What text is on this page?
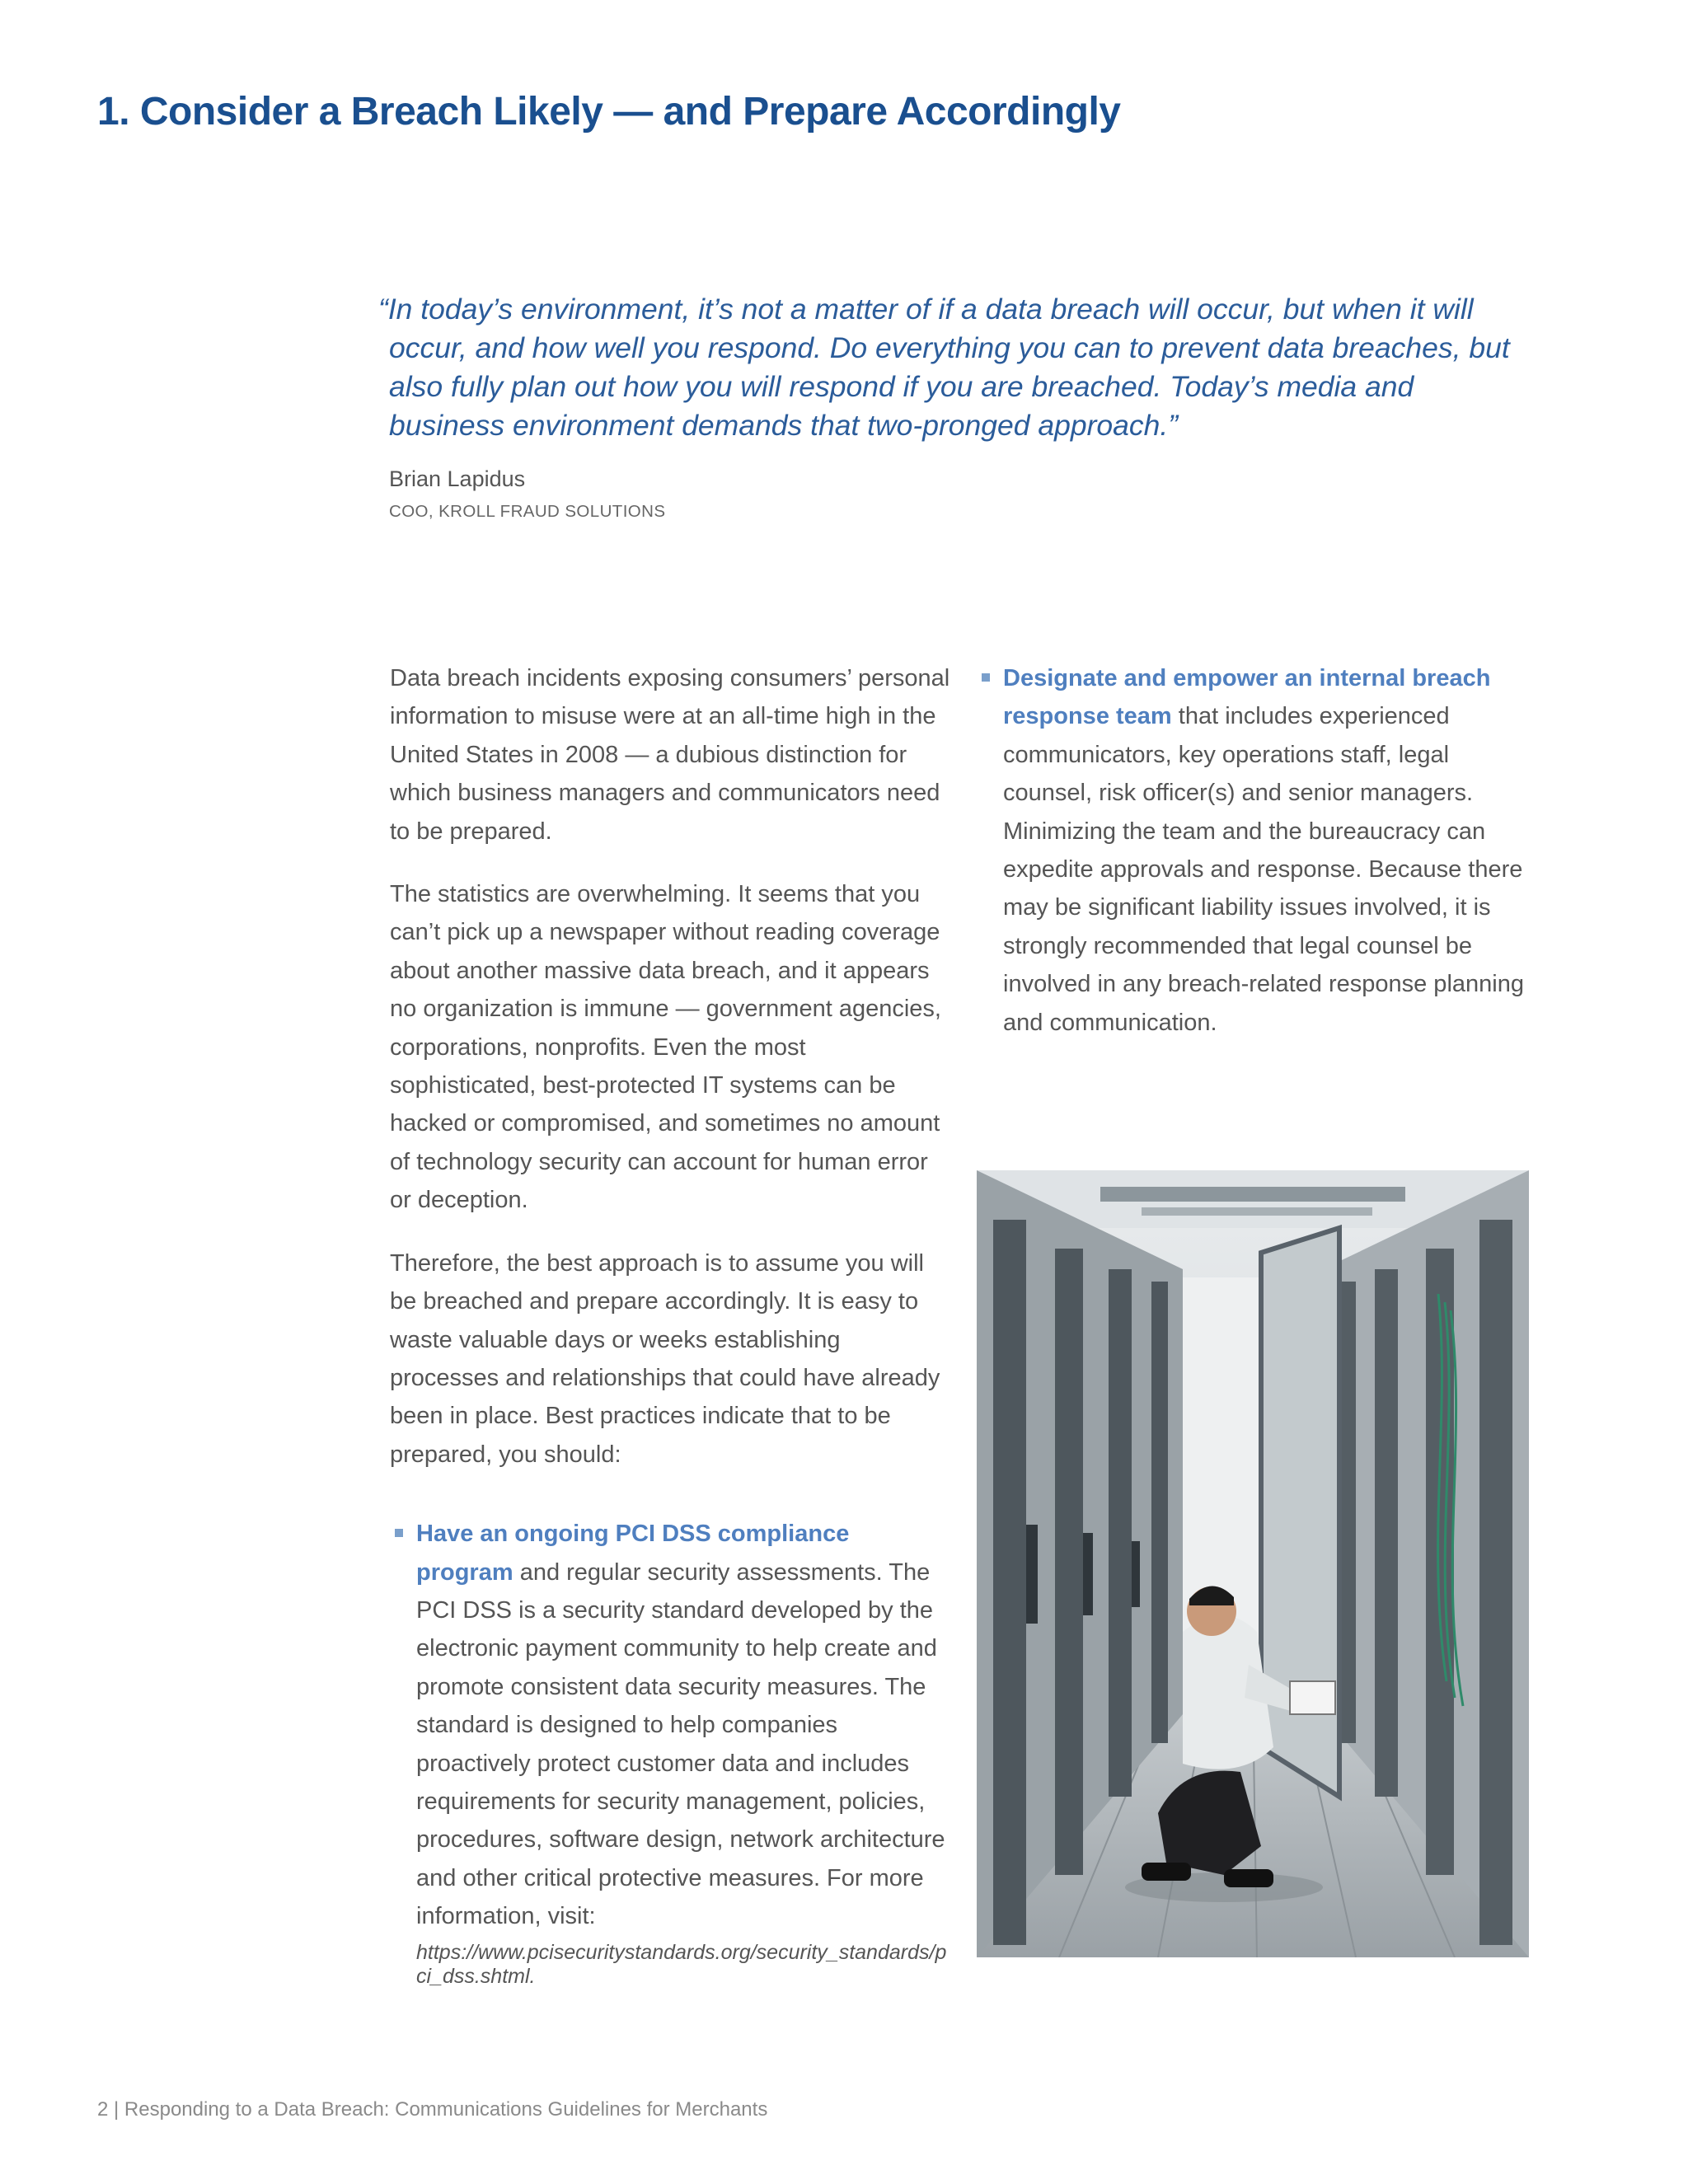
1. Consider a Breach Likely — and Prepare Accordingly

“In today’s environment, it’s not a matter of if a data breach will occur, but when it will occur, and how well you respond. Do everything you can to prevent data breaches, but also fully plan out how you will respond if you are breached. Today’s media and business environment demands that two-pronged approach.”

Brian Lapidus

COO, KROLL FRAUD SOLUTIONS

Data breach incidents exposing consumers’ personal information to misuse were at an all-time high in the United States in 2008 — a dubious distinction for which business managers and communicators need to be prepared.

The statistics are overwhelming. It seems that you can’t pick up a newspaper without reading coverage about another massive data breach, and it appears no organization is immune — government agencies, corporations, nonprofits. Even the most sophisticated, best-protected IT systems can be hacked or compromised, and sometimes no amount of technology security can account for human error or deception.

Therefore, the best approach is to assume you will be breached and prepare accordingly. It is easy to waste valuable days or weeks establishing processes and relationships that could have already been in place. Best practices indicate that to be prepared, you should:

Have an ongoing PCI DSS compliance program and regular security assessments. The PCI DSS is a security standard developed by the electronic payment community to help create and promote consistent data security measures. The standard is designed to help companies proactively protect customer data and includes requirements for security management, policies, procedures, software design, network architecture and other critical protective measures. For more information, visit:
https://www.pcisecuritystandards.org/security_standards/pci_dss.shtml.
Designate and empower an internal breach response team that includes experienced communicators, key operations staff, legal counsel, risk officer(s) and senior managers. Minimizing the team and the bureaucracy can expedite approvals and response. Because there may be significant liability issues involved, it is strongly recommended that legal counsel be involved in any breach-related response planning and communication.
2 | Responding to a Data Breach: Communications Guidelines for Merchants
